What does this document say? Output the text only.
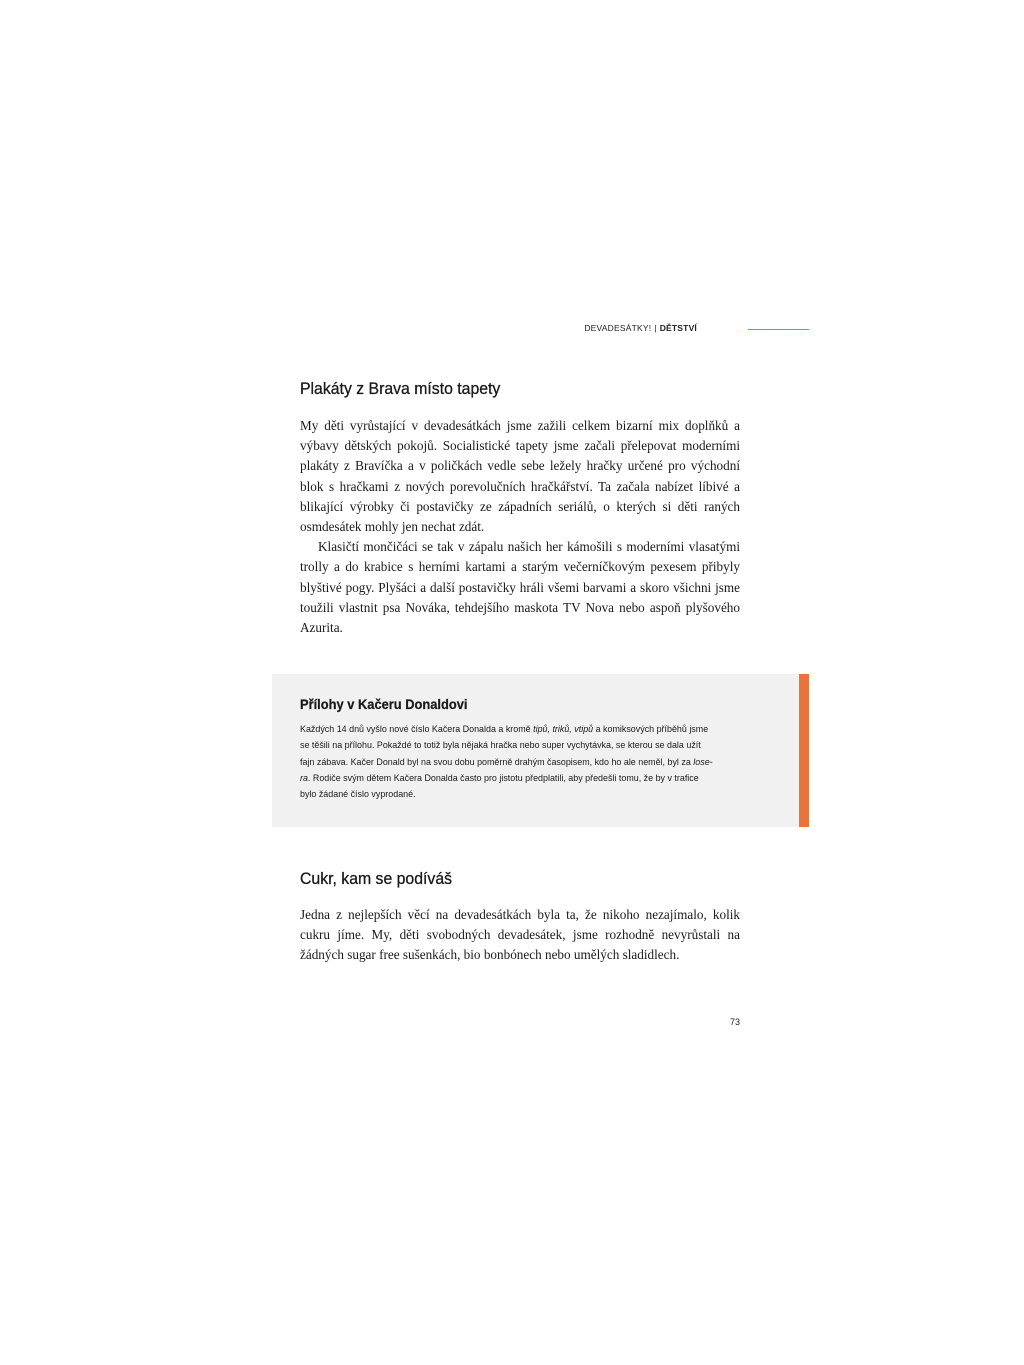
DEVADESÁTKY! | DĚTSTVÍ
Plakáty z Brava místo tapety

My děti vyrůstající v devadesátkách jsme zažili celkem bizarní mix doplňků a výbavy dětských pokojů. Socialistické tapety jsme začali přelepovat moderními plakáty z Bravíčka a v poličkách vedle sebe ležely hračky určené pro východní blok s hračkami z nových porevolučních hračkářství. Ta začala nabízet líbivé a blikající výrobky či postavičky ze západních seriálů, o kterých si děti raných osmdesátek mohly jen nechat zdát.

Klasičtí mončičáci se tak v zápalu našich her kámošili s moderními vlasatými trolly a do krabice s herními kartami a starým večerníčkovým pexesem přibyly blyštivé pogy. Plyšáci a další postavičky hráli všemi barvami a skoro všichni jsme toužili vlastnit psa Nováka, tehdejšího maskota TV Nova nebo aspoň plyšového Azurita.

Přílohy v Kačeru Donaldovi
Každých 14 dnů vyšlo nové číslo Kačera Donalda a kromě tipů, triků, vtipů a komiksových příběhů jsme
se těšili na přílohu. Pokaždé to totiž byla nějaká hračka nebo super vychytávka, se kterou se dala užít
fajn zábava. Kačer Donald byl na svou dobu poměrně drahým časopisem, kdo ho ale neměl, byl za lose-
ra. Rodiče svým dětem Kačera Donalda často pro jistotu předplatili, aby předešli tomu, že by v trafice
bylo žádané číslo vyprodané.
Cukr, kam se podíváš

Jedna z nejlepších věcí na devadesátkách byla ta, že nikoho nezajímalo, kolik cukru jíme. My, děti svobodných devadesátek, jsme rozhodně nevyrůstali na žádných sugar free sušenkách, bio bonbónech nebo umělých sladidlech.

73
